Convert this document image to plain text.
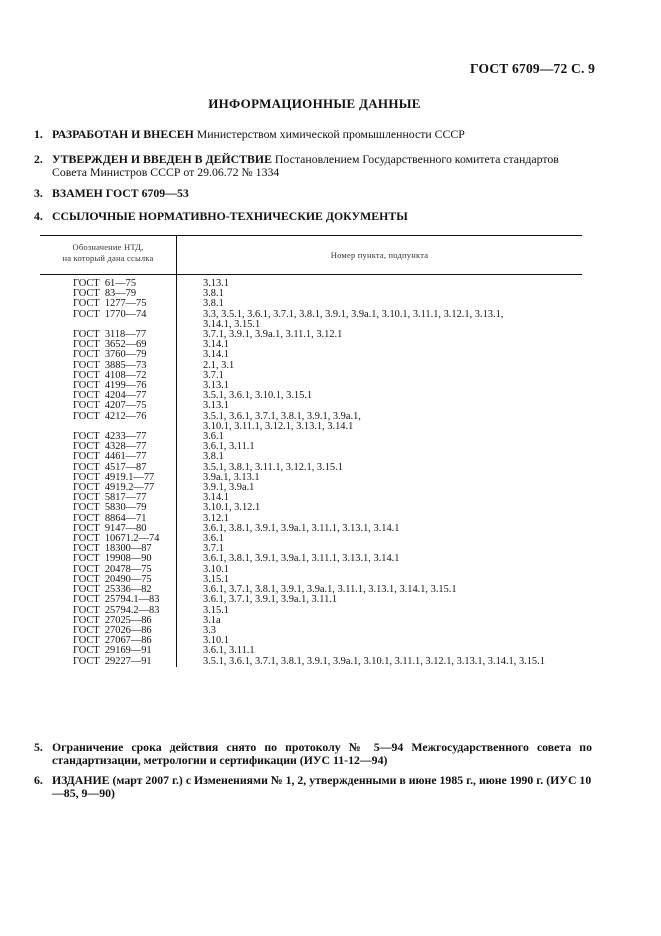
ГОСТ 6709—72 С. 9
ИНФОРМАЦИОННЫЕ ДАННЫЕ
1. РАЗРАБОТАН И ВНЕСЕН Министерством химической промышленности СССР
2. УТВЕРЖДЕН И ВВЕДЕН В ДЕЙСТВИЕ Постановлением Государственного комитета стандартов Совета Министров СССР от 29.06.72 № 1334
3. ВЗАМЕН ГОСТ 6709—53
4. ССЫЛОЧНЫЕ НОРМАТИВНО-ТЕХНИЧЕСКИЕ ДОКУМЕНТЫ
Обозначение НТД,
на который дана ссылка	Номер пункта, подпункта
ГОСТ  61—75	3.13.1
ГОСТ  83—79	3.8.1
ГОСТ  1277—75	3.8.1
ГОСТ  1770—74	3.3, 3.5.1, 3.6.1, 3.7.1, 3.8.1, 3.9.1, 3.9а.1, 3.10.1, 3.11.1, 3.12.1, 3.13.1,
3.14.1, 3.15.1
ГОСТ  3118—77	3.7.1, 3.9.1, 3.9а.1, 3.11.1, 3.12.1
ГОСТ  3652—69	3.14.1
ГОСТ  3760—79	3.14.1
ГОСТ  3885—73	2.1, 3.1
ГОСТ  4108—72	3.7.1
ГОСТ  4199—76	3.13.1
ГОСТ  4204—77	3.5.1, 3.6.1, 3.10.1, 3.15.1
ГОСТ  4207—75	3.13.1
ГОСТ  4212—76	3.5.1, 3.6.1, 3.7.1, 3.8.1, 3.9.1, 3.9а.1,
3.10.1, 3.11.1, 3.12.1, 3.13.1, 3.14.1
ГОСТ  4233—77	3.6.1
ГОСТ  4328—77	3.6.1, 3.11.1
ГОСТ  4461—77	3.8.1
ГОСТ  4517—87	3.5.1, 3.8.1, 3.11.1, 3.12.1, 3.15.1
ГОСТ  4919.1—77	3.9а.1, 3.13.1
ГОСТ  4919.2—77	3.9.1, 3.9а.1
ГОСТ  5817—77	3.14.1
ГОСТ  5830—79	3.10.1, 3.12.1
ГОСТ  8864—71	3.12.1
ГОСТ  9147—80	3.6.1, 3.8.1, 3.9.1, 3.9а.1, 3.11.1, 3.13.1, 3.14.1
ГОСТ  10671.2—74	3.6.1
ГОСТ  18300—87	3.7.1
ГОСТ  19908—90	3.6.1, 3.8.1, 3.9.1, 3.9а.1, 3.11.1, 3.13.1, 3.14.1
ГОСТ  20478—75	3.10.1
ГОСТ  20490—75	3.15.1
ГОСТ  25336—82	3.6.1, 3.7.1, 3.8.1, 3.9.1, 3.9а.1, 3.11.1, 3.13.1, 3.14.1, 3.15.1
ГОСТ  25794.1—83	3.6.1, 3.7.1, 3.9.1, 3.9а.1, 3.11.1
ГОСТ  25794.2—83	3.15.1
ГОСТ  27025—86	3.1а
ГОСТ  27026—86	3.3
ГОСТ  27067—86	3.10.1
ГОСТ  29169—91	3.6.1, 3.11.1
ГОСТ  29227—91	3.5.1, 3.6.1, 3.7.1, 3.8.1, 3.9.1, 3.9а.1, 3.10.1, 3.11.1, 3.12.1, 3.13.1, 3.14.1, 3.15.1
5. Ограничение срока действия снято по протоколу № 5—94 Межгосударственного совета по стандартизации, метрологии и сертификации (ИУС 11-12—94)
6. ИЗДАНИЕ (март 2007 г.) с Изменениями № 1, 2, утвержденными в июне 1985 г., июне 1990 г. (ИУС 10—85, 9—90)
